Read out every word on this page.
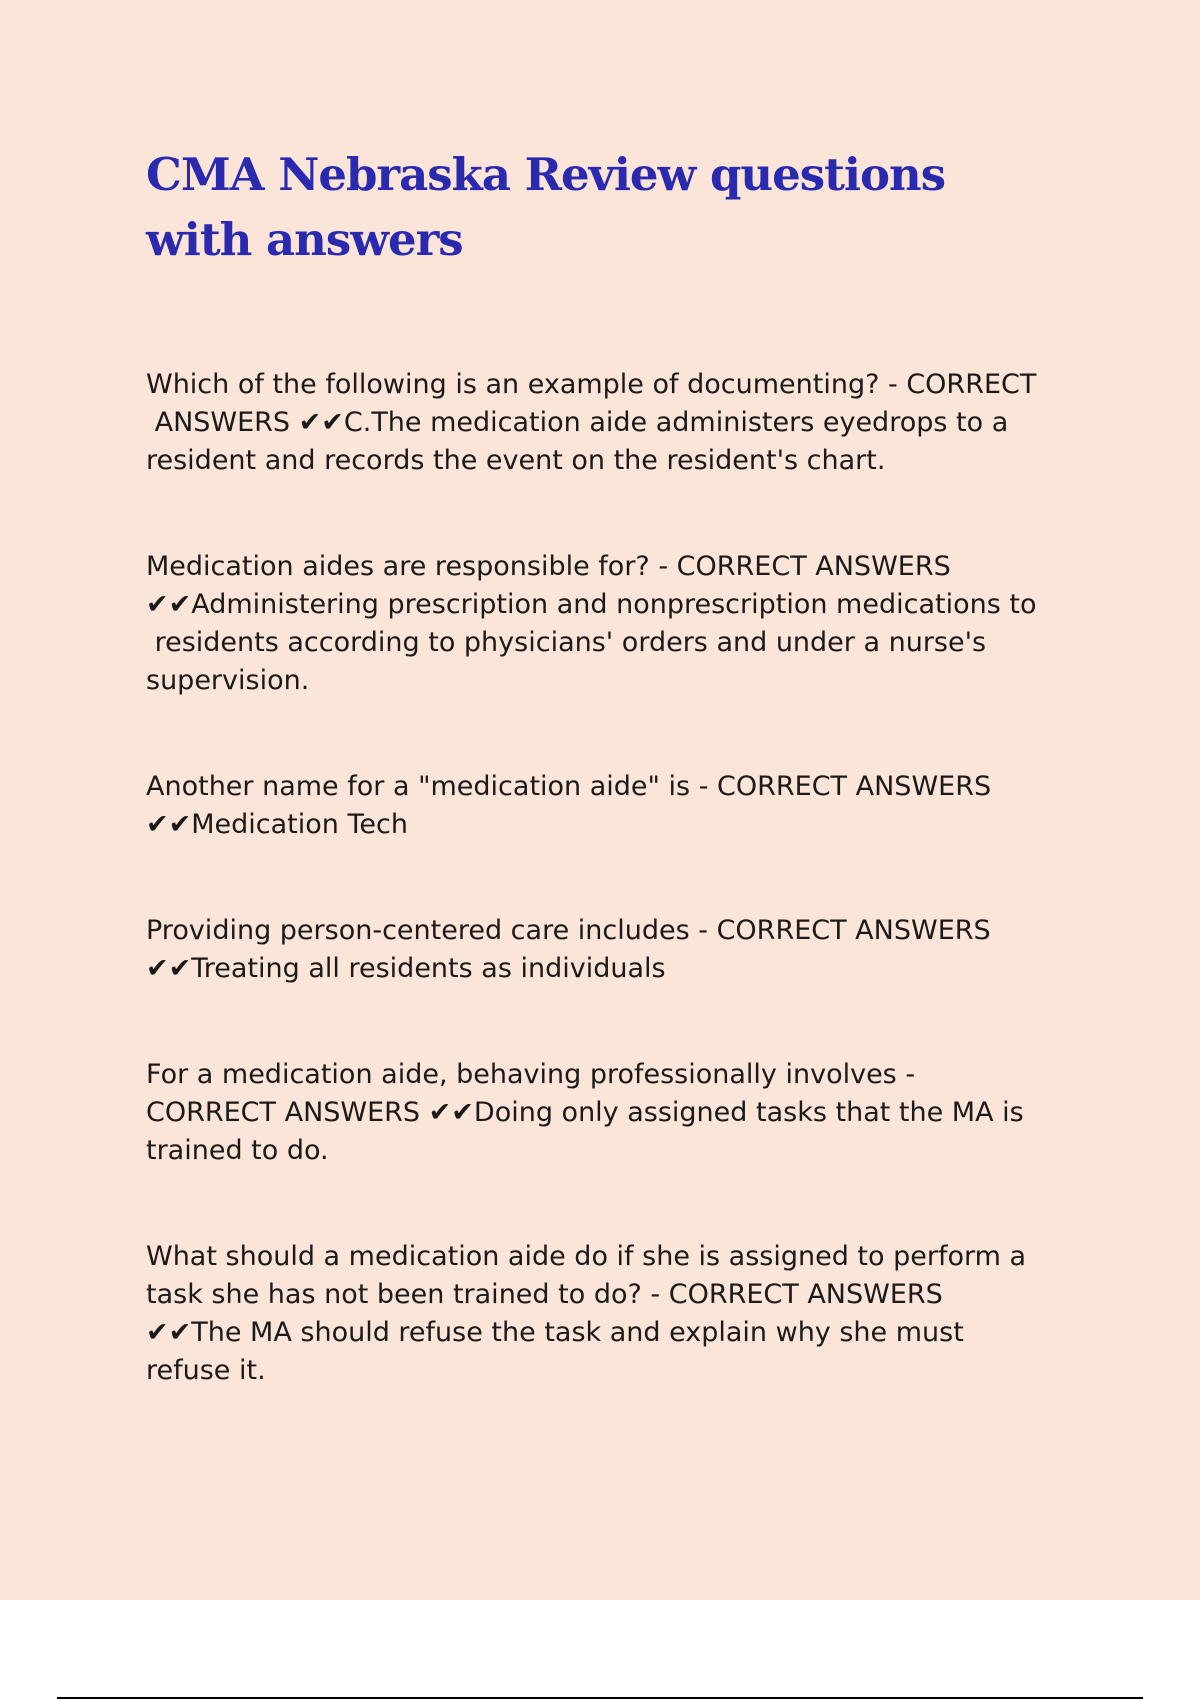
CMA Nebraska Review questions with answers

Which of the following is an example of documenting? - CORRECT
ANSWERS ✔✔C.The medication aide administers eyedrops to a
resident and records the event on the resident's chart.

Medication aides are responsible for? - CORRECT ANSWERS
✔✔Administering prescription and nonprescription medications to
residents according to physicians' orders and under a nurse's
supervision.

Another name for a "medication aide" is - CORRECT ANSWERS
✔✔Medication Tech

Providing person-centered care includes - CORRECT ANSWERS
✔✔Treating all residents as individuals

For a medication aide, behaving professionally involves -
CORRECT ANSWERS ✔✔Doing only assigned tasks that the MA is
trained to do.

What should a medication aide do if she is assigned to perform a
task she has not been trained to do? - CORRECT ANSWERS
✔✔The MA should refuse the task and explain why she must
refuse it.
